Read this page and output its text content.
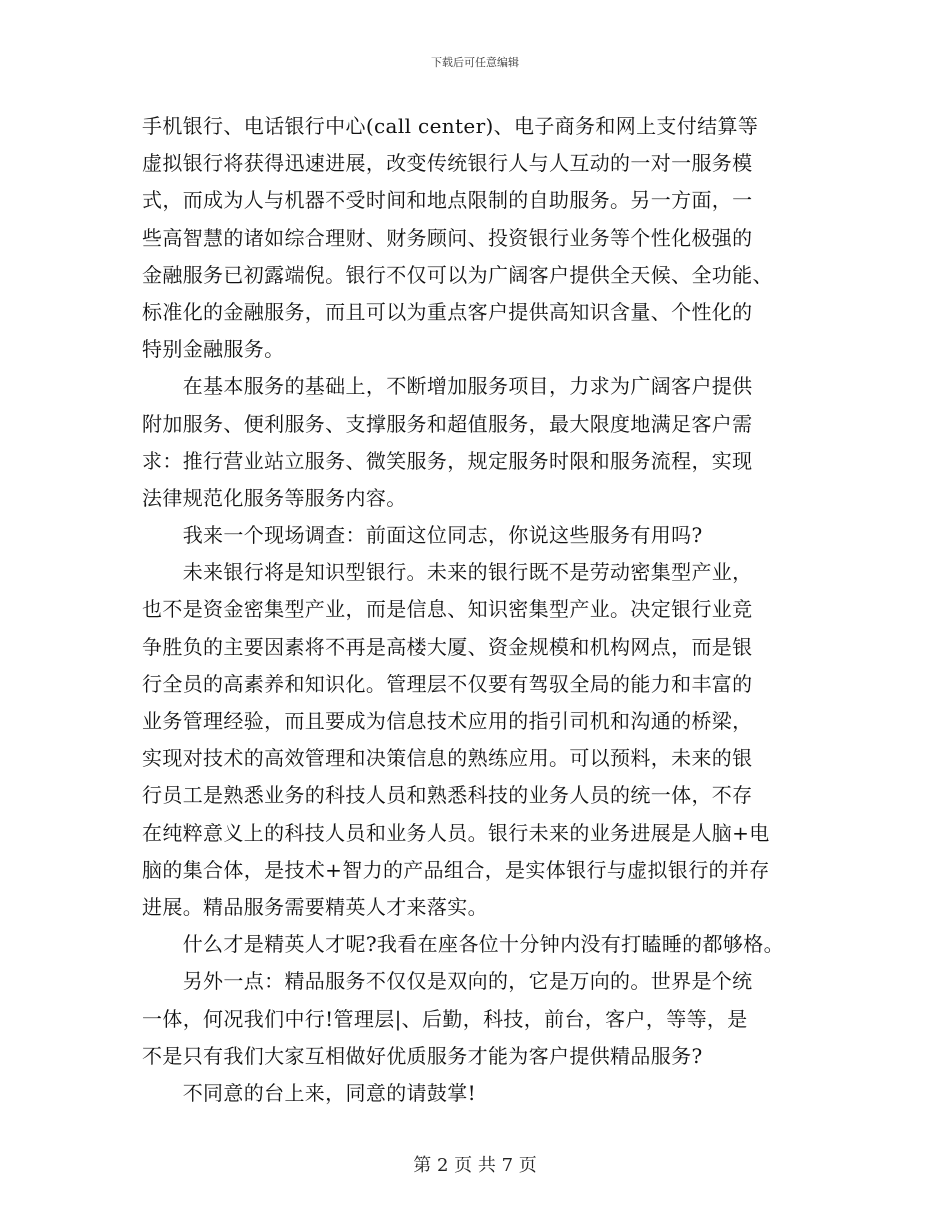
下载后可任意编辑
手机银行、电话银行中心(call center)、电子商务和网上支付结算等
虚拟银行将获得迅速进展，改变传统银行人与人互动的一对一服务模
式，而成为人与机器不受时间和地点限制的自助服务。另一方面，一
些高智慧的诸如综合理财、财务顾问、投资银行业务等个性化极强的
金融服务已初露端倪。银行不仅可以为广阔客户提供全天候、全功能、
标准化的金融服务，而且可以为重点客户提供高知识含量、个性化的
特别金融服务。
　　在基本服务的基础上，不断增加服务项目，力求为广阔客户提供
附加服务、便利服务、支撑服务和超值服务，最大限度地满足客户需
求：推行营业站立服务、微笑服务，规定服务时限和服务流程，实现
法律规范化服务等服务内容。
　　我来一个现场调查：前面这位同志，你说这些服务有用吗?
　　未来银行将是知识型银行。未来的银行既不是劳动密集型产业，
也不是资金密集型产业，而是信息、知识密集型产业。决定银行业竞
争胜负的主要因素将不再是高楼大厦、资金规模和机构网点，而是银
行全员的高素养和知识化。管理层不仅要有驾驭全局的能力和丰富的
业务管理经验，而且要成为信息技术应用的指引司机和沟通的桥梁，
实现对技术的高效管理和决策信息的熟练应用。可以预料，未来的银
行员工是熟悉业务的科技人员和熟悉科技的业务人员的统一体，不存
在纯粹意义上的科技人员和业务人员。银行未来的业务进展是人脑+电
脑的集合体，是技术+智力的产品组合，是实体银行与虚拟银行的并存
进展。精品服务需要精英人才来落实。
　　什么才是精英人才呢?我看在座各位十分钟内没有打瞌睡的都够格。
　　另外一点：精品服务不仅仅是双向的，它是万向的。世界是个统
一体，何况我们中行!管理层|、后勤，科技，前台，客户，等等，是
不是只有我们大家互相做好优质服务才能为客户提供精品服务?
　　不同意的台上来，同意的请鼓掌!
第 2 页 共 7 页
